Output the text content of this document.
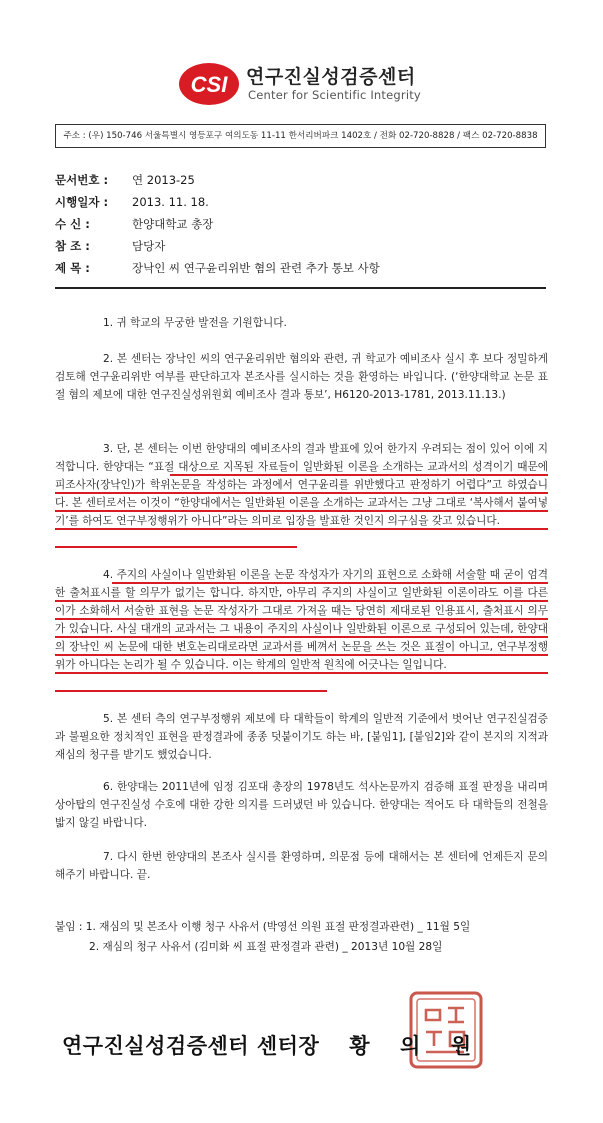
CSI 연구진실성검증센터
Center for Scientific Integrity
주소 : (우) 150-746 서울특별시 영등포구 여의도동 11-11 한서리버파크 1402호 / 전화 02-720-8828 / 팩스 02-720-8838
문서번호 : 연 2013-25
시행일자 : 2013. 11. 18.
수 신 :	한양대학교 총장
참 조 :	담당자
제 목 :	장낙인 씨 연구윤리위반 혐의 관련 추가 통보 사항
1. 귀 학교의 무궁한 발전을 기원합니다.
2. 본 센터는 장낙인 씨의 연구윤리위반 혐의와 관련, 귀 학교가 예비조사 실시 후 보다 정밀하게 검토해 연구윤리위반 여부를 판단하고자 본조사를 실시하는 것을 환영하는 바입니다. (‘한양대학교 논문 표절 혐의 제보에 대한 연구진실성위원회 예비조사 결과 통보’, H6120-2013-1781, 2013.11.13.)
3. 단, 본 센터는 이번 한양대의 예비조사의 결과 발표에 있어 한가지 우려되는 점이 있어 이에 지적합니다. 한양대는 “표절 대상으로 지목된 자료들이 일반화된 이론을 소개하는 교과서의 성격이기 때문에 피조사자(장낙인)가 학위논문을 작성하는 과정에서 연구윤리를 위반했다고 판정하기 어렵다”고 하였습니다. 본 센터로서는 이것이 “한양대에서는 일반화된 이론을 소개하는 교과서는 그냥 그대로 ‘복사해서 붙여넣기’를 하여도 연구부정행위가 아니다”라는 의미로 입장을 발표한 것인지 의구심을 갖고 있습니다.
4. 주지의 사실이나 일반화된 이론을 논문 작성자가 자기의 표현으로 소화해 서술할 때 굳이 엄격한 출처표시를 할 의무가 없기는 합니다. 하지만, 아무리 주지의 사실이고 일반화된 이론이라도 이를 다른 이가 소화해서 서술한 표현을 논문 작성자가 그대로 가져올 때는 당연히 제대로된 인용표시, 출처표시 의무가 있습니다. 사실 대개의 교과서는 그 내용이 주지의 사실이나 일반화된 이론으로 구성되어 있는데, 한양대의 장낙인 씨 논문에 대한 변호논리대로라면 교과서를 베껴서 논문을 쓰는 것은 표절이 아니고, 연구부정행위가 아니다는 논리가 될 수 있습니다. 이는 학계의 일반적 원칙에 어긋나는 일입니다.
5. 본 센터 측의 연구부정행위 제보에 타 대학들이 학계의 일반적 기준에서 벗어난 연구진실검증과 불필요한 정치적인 표현을 판정결과에 종종 덧붙이기도 하는 바, [붙임1], [붙임2]와 같이 본지의 지적과 재심의 청구를 받기도 했었습니다.
6. 한양대는 2011년에 임정 김포대 총장의 1978년도 석사논문까지 검증해 표절 판정을 내리며 상아탑의 연구진실성 수호에 대한 강한 의지를 드러냈던 바 있습니다. 한양대는 적어도 타 대학들의 전철을 밟지 않길 바랍니다.
7. 다시 한번 한양대의 본조사 실시를 환영하며, 의문점 등에 대해서는 본 센터에 언제든지 문의해주기 바랍니다. 끝.
붙임 : 1. 재심의 및 본조사 이행 청구 사유서 (박영선 의원 표절 판정결과관련) _ 11월 5일
2. 재심의 청구 사유서 (김미화 씨 표절 판정결과 관련) _ 2013년 10월 28일
연구진실성검증센터 센터장 황 의 원
